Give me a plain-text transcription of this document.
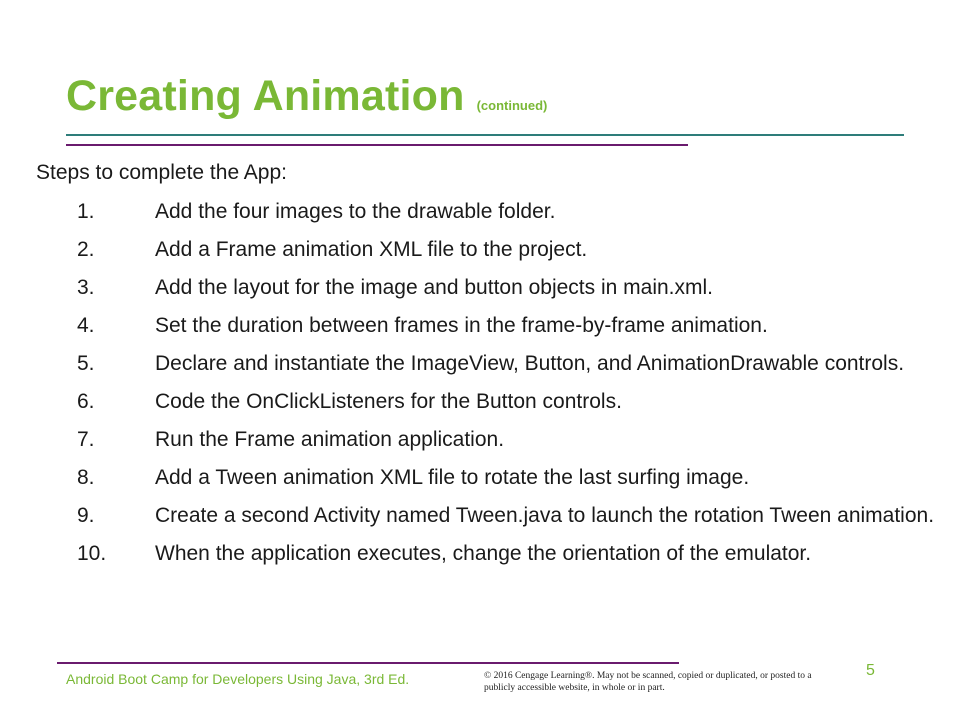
Creating Animation (continued)
Steps to complete the App:
1.	Add the four images to the drawable folder.
2.	Add a Frame animation XML file to the project.
3.	Add the layout for the image and button objects in main.xml.
4.	Set the duration between frames in the frame-by-frame animation.
5.	Declare and instantiate the ImageView, Button, and AnimationDrawable controls.
6.	Code the OnClickListeners for the Button controls.
7.	Run the Frame animation application.
8.	Add a Tween animation XML file to rotate the last surfing image.
9.	Create a second Activity named Tween.java to launch the rotation Tween animation.
10. When the application executes, change the orientation of the emulator.
Android Boot Camp for Developers Using Java, 3rd Ed.	© 2016 Cengage Learning®. May not be scanned, copied or duplicated, or posted to a publicly accessible website, in whole or in part.
5
